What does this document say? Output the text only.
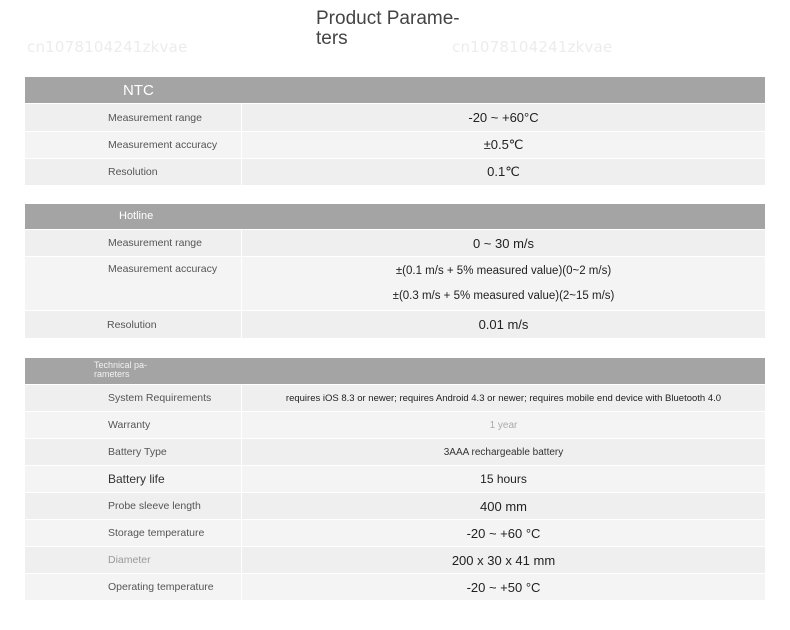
Product Parame-
ters
cn1078104241zkvae	cn1078104241zkvae
NTC
Measurement range	-20 ~ +60°C
Measurement accuracy	±0.5℃
Resolution	0.1℃
Hotline
Measurement range	0 ~ 30 m/s
Measurement accuracy	±(0.1 m/s + 5% measured value)(0~2 m/s)
±(0.3 m/s + 5% measured value)(2~15 m/s)
Resolution	0.01 m/s
Technical pa-
rameters
System Requirements	requires iOS 8.3 or newer; requires Android 4.3 or newer; requires mobile end device with Bluetooth 4.0
Warranty	1 year
Battery Type	3AAA rechargeable battery
Battery life	15 hours
Probe sleeve length	400 mm
Storage temperature	-20 ~ +60 °C
Diameter	200 x 30 x 41 mm
Operating temperature	-20 ~ +50 °C
